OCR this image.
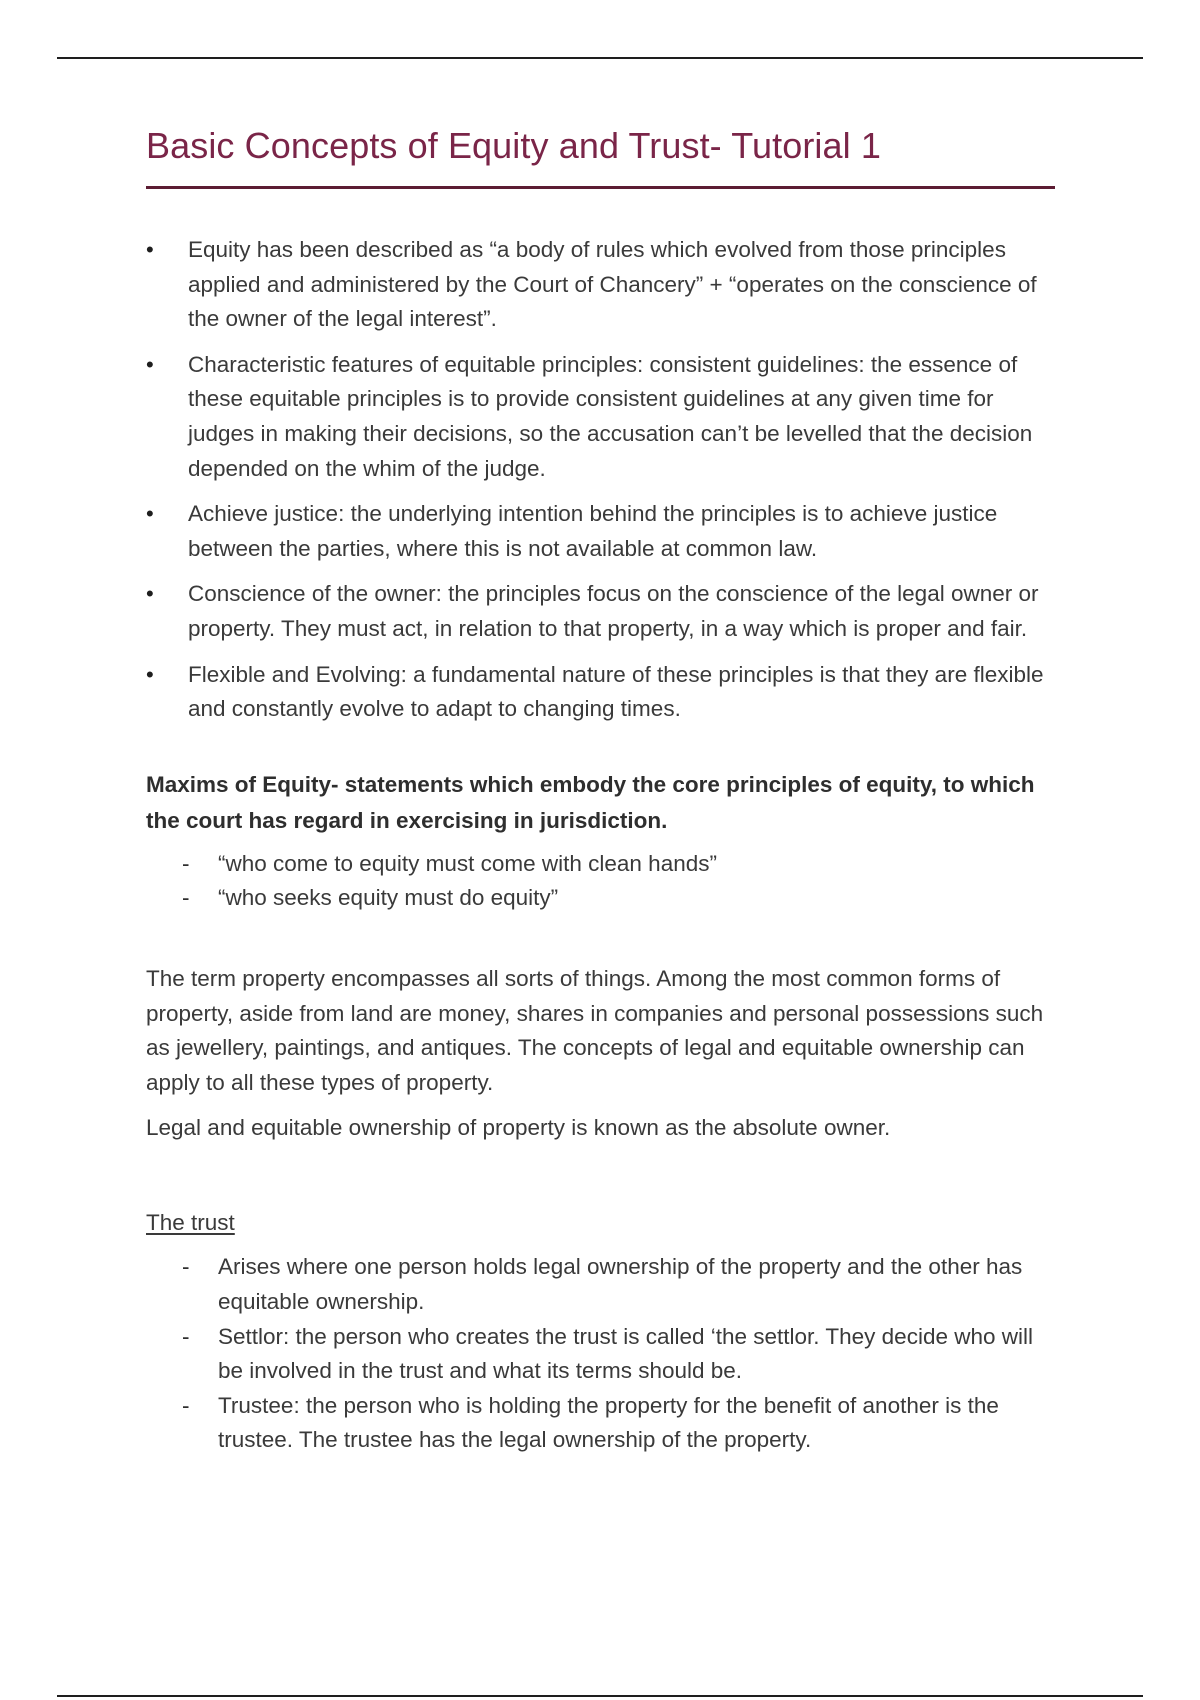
Basic Concepts of Equity and Trust- Tutorial 1
• Equity has been described as “a body of rules which evolved from those principles applied and administered by the Court of Chancery” + “operates on the conscience of the owner of the legal interest”.
• Characteristic features of equitable principles: consistent guidelines: the essence of these equitable principles is to provide consistent guidelines at any given time for judges in making their decisions, so the accusation can’t be levelled that the decision depended on the whim of the judge.
• Achieve justice: the underlying intention behind the principles is to achieve justice between the parties, where this is not available at common law.
• Conscience of the owner: the principles focus on the conscience of the legal owner or property. They must act, in relation to that property, in a way which is proper and fair.
• Flexible and Evolving: a fundamental nature of these principles is that they are flexible and constantly evolve to adapt to changing times.

Maxims of Equity- statements which embody the core principles of equity, to which the court has regard in exercising in jurisdiction.

- “who come to equity must come with clean hands”
- “who seeks equity must do equity”

The term property encompasses all sorts of things. Among the most common forms of property, aside from land are money, shares in companies and personal possessions such as jewellery, paintings, and antiques. The concepts of legal and equitable ownership can apply to all these types of property.

Legal and equitable ownership of property is known as the absolute owner.

The trust

- Arises where one person holds legal ownership of the property and the other has equitable ownership.
- Settlor: the person who creates the trust is called ‘the settlor. They decide who will be involved in the trust and what its terms should be.
- Trustee: the person who is holding the property for the benefit of another is the trustee. The trustee has the legal ownership of the property.
